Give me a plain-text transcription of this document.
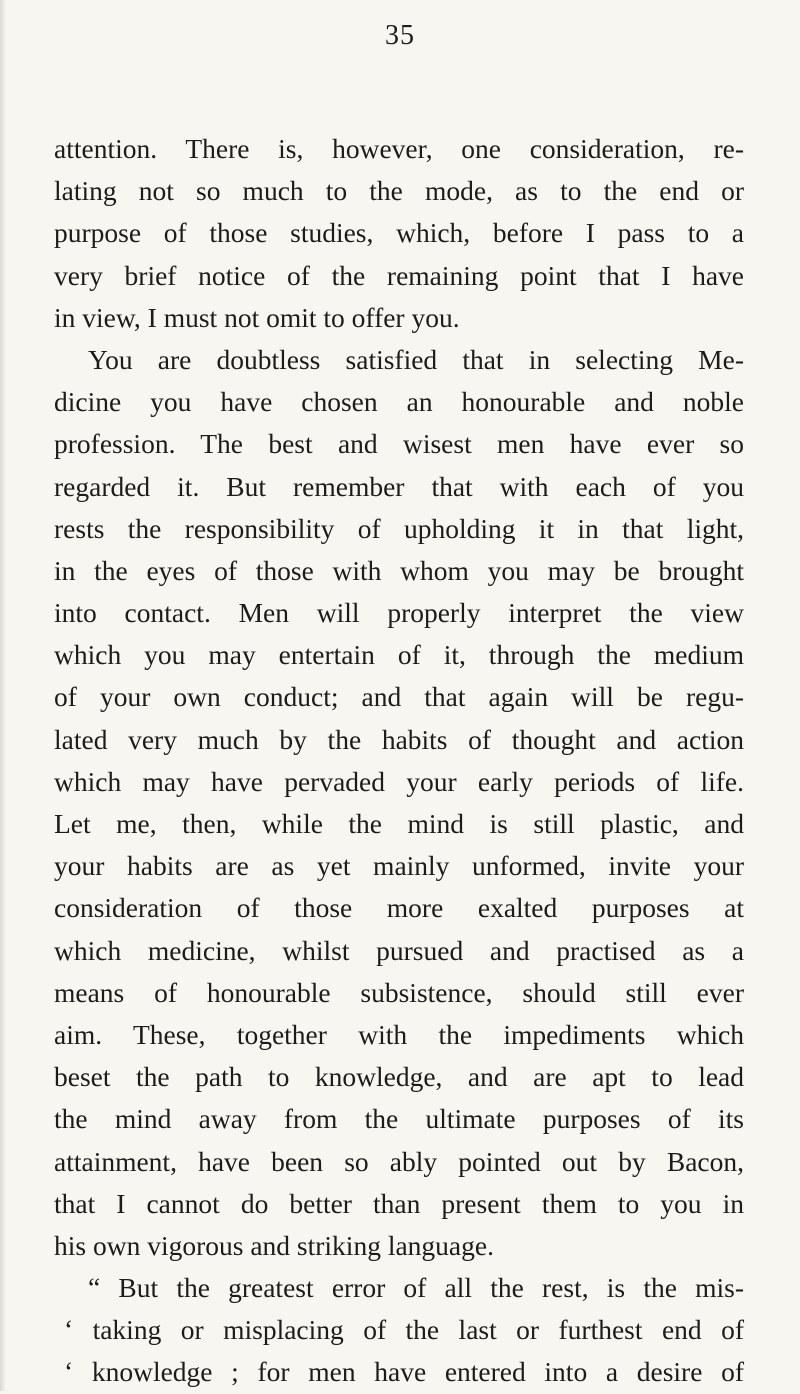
35
attention. There is, however, one consideration, re-
lating not so much to the mode, as to the end or
purpose of those studies, which, before I pass to a
very brief notice of the remaining point that I have
in view, I must not omit to offer you.
You are doubtless satisfied that in selecting Me-
dicine you have chosen an honourable and noble
profession. The best and wisest men have ever so
regarded it. But remember that with each of you
rests the responsibility of upholding it in that light,
in the eyes of those with whom you may be brought
into contact. Men will properly interpret the view
which you may entertain of it, through the medium
of your own conduct; and that again will be regu-
lated very much by the habits of thought and action
which may have pervaded your early periods of life.
Let me, then, while the mind is still plastic, and
your habits are as yet mainly unformed, invite your
consideration of those more exalted purposes at
which medicine, whilst pursued and practised as a
means of honourable subsistence, should still ever
aim. These, together with the impediments which
beset the path to knowledge, and are apt to lead
the mind away from the ultimate purposes of its
attainment, have been so ably pointed out by Bacon,
that I cannot do better than present them to you in
his own vigorous and striking language.
“ But the greatest error of all the rest, is the mis-
‘ taking or misplacing of the last or furthest end of
‘ knowledge ; for men have entered into a desire of
